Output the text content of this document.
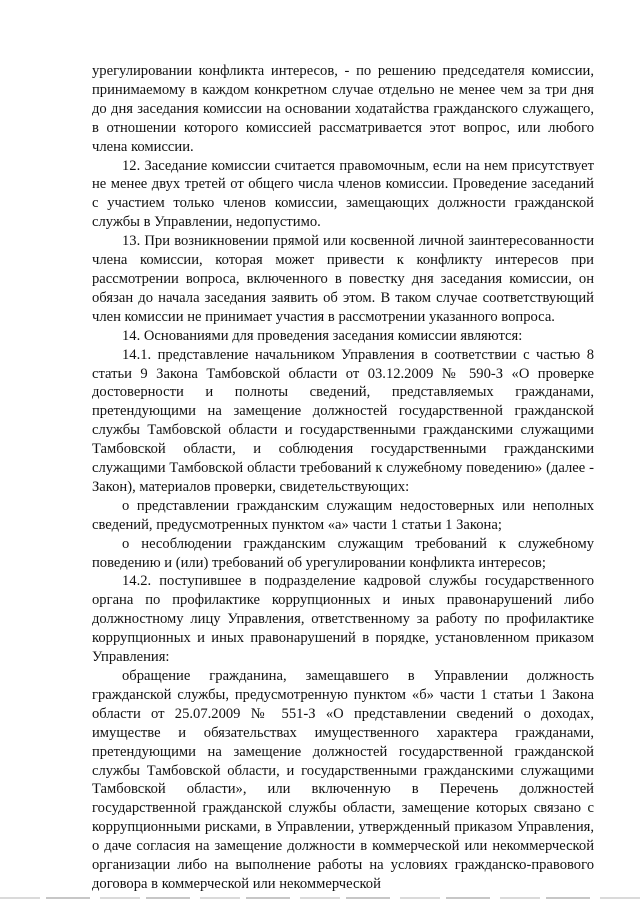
урегулировании конфликта интересов, - по решению председателя комиссии, принимаемому в каждом конкретном случае отдельно не менее чем за три дня до дня заседания комиссии на основании ходатайства гражданского служащего, в отношении которого комиссией рассматривается этот вопрос, или любого члена комиссии.

12. Заседание комиссии считается правомочным, если на нем присутствует не менее двух третей от общего числа членов комиссии. Проведение заседаний с участием только членов комиссии, замещающих должности гражданской службы в Управлении, недопустимо.

13. При возникновении прямой или косвенной личной заинтересованности члена комиссии, которая может привести к конфликту интересов при рассмотрении вопроса, включенного в повестку дня заседания комиссии, он обязан до начала заседания заявить об этом. В таком случае соответствующий член комиссии не принимает участия в рассмотрении указанного вопроса.

14. Основаниями для проведения заседания комиссии являются:

14.1. представление начальником Управления в соответствии с частью 8 статьи 9 Закона Тамбовской области от 03.12.2009 № 590-З «О проверке достоверности и полноты сведений, представляемых гражданами, претендующими на замещение должностей государственной гражданской службы Тамбовской области и государственными гражданскими служащими Тамбовской области, и соблюдения государственными гражданскими служащими Тамбовской области требований к служебному поведению» (далее - Закон), материалов проверки, свидетельствующих:

о представлении гражданским служащим недостоверных или неполных сведений, предусмотренных пунктом «а» части 1 статьи 1 Закона;

о несоблюдении гражданским служащим требований к служебному поведению и (или) требований об урегулировании конфликта интересов;

14.2. поступившее в подразделение кадровой службы государственного органа по профилактике коррупционных и иных правонарушений либо должностному лицу Управления, ответственному за работу по профилактике коррупционных и иных правонарушений в порядке, установленном приказом Управления:

обращение гражданина, замещавшего в Управлении должность гражданской службы, предусмотренную пунктом «б» части 1 статьи 1 Закона области от 25.07.2009 № 551-З «О представлении сведений о доходах, имуществе и обязательствах имущественного характера гражданами, претендующими на замещение должностей государственной гражданской службы Тамбовской области, и государственными гражданскими служащими Тамбовской области», или включенную в Перечень должностей государственной гражданской службы области, замещение которых связано с коррупционными рисками, в Управлении, утвержденный приказом Управления, о даче согласия на замещение должности в коммерческой или некоммерческой организации либо на выполнение работы на условиях гражданско-правового договора в коммерческой или некоммерческой
